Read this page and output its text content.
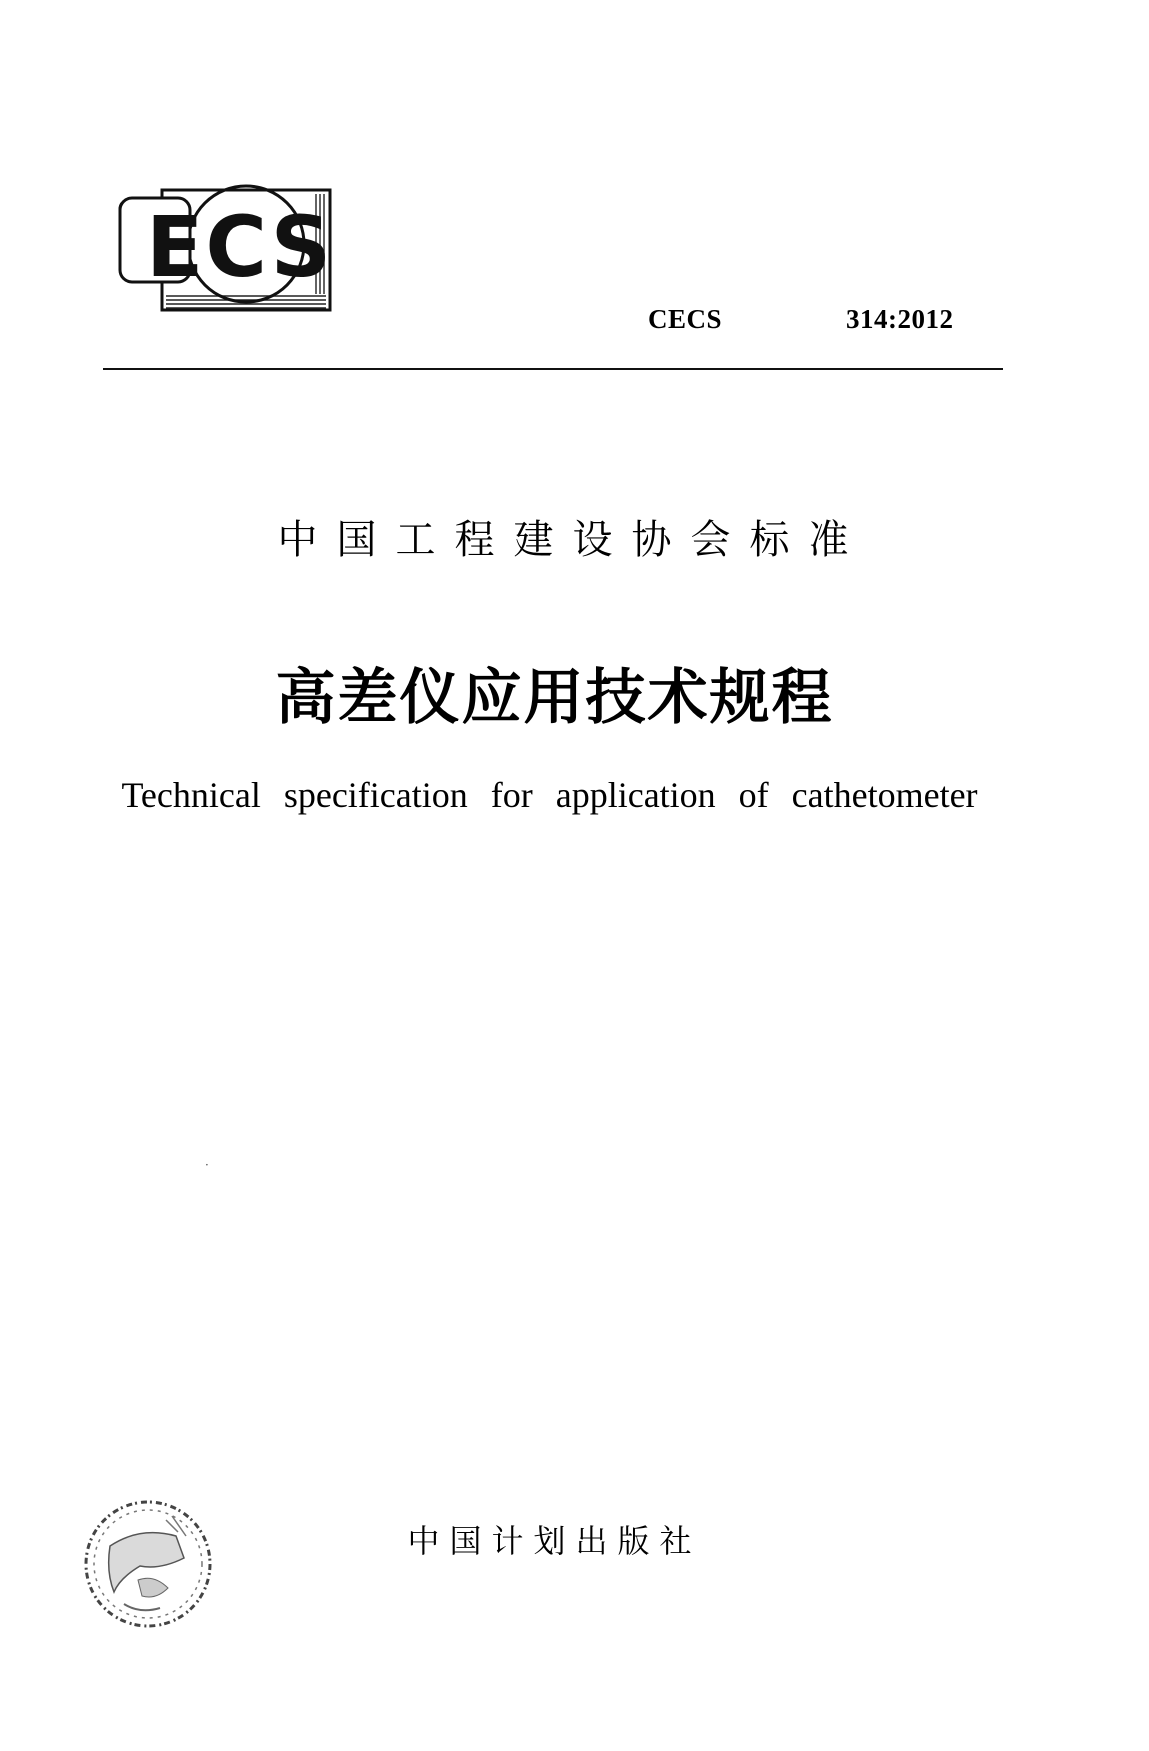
ECS
CECS	314:2012
中国工程建设协会标准
高差仪应用技术规程
Technical specification for application of cathetometer
·
中国计划出版社
